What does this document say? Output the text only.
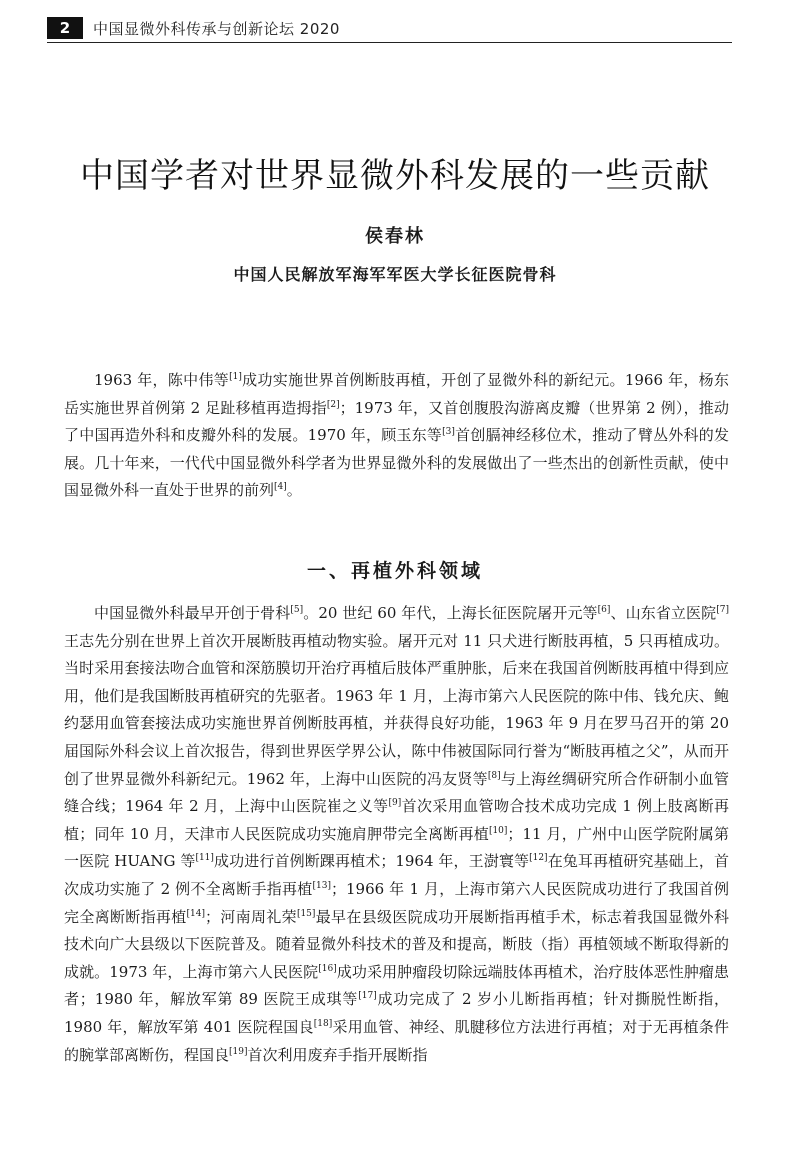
2	中国显微外科传承与创新论坛 2020
中国学者对世界显微外科发展的一些贡献
侯春林
中国人民解放军海军军医大学长征医院骨科

1963 年，陈中伟等[1]成功实施世界首例断肢再植，开创了显微外科的新纪元。1966 年，杨东岳实施世界首例第 2 足趾移植再造拇指[2]；1973 年，又首创腹股沟游离皮瓣（世界第 2 例），推动了中国再造外科和皮瓣外科的发展。1970 年，顾玉东等[3]首创膈神经移位术，推动了臂丛外科的发展。几十年来，一代代中国显微外科学者为世界显微外科的发展做出了一些杰出的创新性贡献，使中国显微外科一直处于世界的前列[4]。

一、再植外科领域

中国显微外科最早开创于骨科[5]。20 世纪 60 年代，上海长征医院屠开元等[6]、山东省立医院[7]王志先分别在世界上首次开展断肢再植动物实验。屠开元对 11 只犬进行断肢再植，5 只再植成功。当时采用套接法吻合血管和深筋膜切开治疗再植后肢体严重肿胀，后来在我国首例断肢再植中得到应用，他们是我国断肢再植研究的先驱者。1963 年 1 月，上海市第六人民医院的陈中伟、钱允庆、鲍约瑟用血管套接法成功实施世界首例断肢再植，并获得良好功能，1963 年 9 月在罗马召开的第 20 届国际外科会议上首次报告，得到世界医学界公认，陈中伟被国际同行誉为“断肢再植之父”，从而开创了世界显微外科新纪元。1962 年，上海中山医院的冯友贤等[8]与上海丝绸研究所合作研制小血管缝合线；1964 年 2 月，上海中山医院崔之义等[9]首次采用血管吻合技术成功完成 1 例上肢离断再植；同年 10 月，天津市人民医院成功实施肩胛带完全离断再植[10]；11 月，广州中山医学院附属第一医院 HUANG 等[11]成功进行首例断踝再植术；1964 年，王澍寰等[12]在兔耳再植研究基础上，首次成功实施了 2 例不全离断手指再植[13]；1966 年 1 月，上海市第六人民医院成功进行了我国首例完全离断断指再植[14]；河南周礼荣[15]最早在县级医院成功开展断指再植手术，标志着我国显微外科技术向广大县级以下医院普及。随着显微外科技术的普及和提高，断肢（指）再植领域不断取得新的成就。1973 年，上海市第六人民医院[16]成功采用肿瘤段切除远端肢体再植术，治疗肢体恶性肿瘤患者；1980 年，解放军第 89 医院王成琪等[17]成功完成了 2 岁小儿断指再植；针对撕脱性断指，1980 年，解放军第 401 医院程国良[18]采用血管、神经、肌腱移位方法进行再植；对于无再植条件的腕掌部离断伤，程国良[19]首次利用废弃手指开展断指
